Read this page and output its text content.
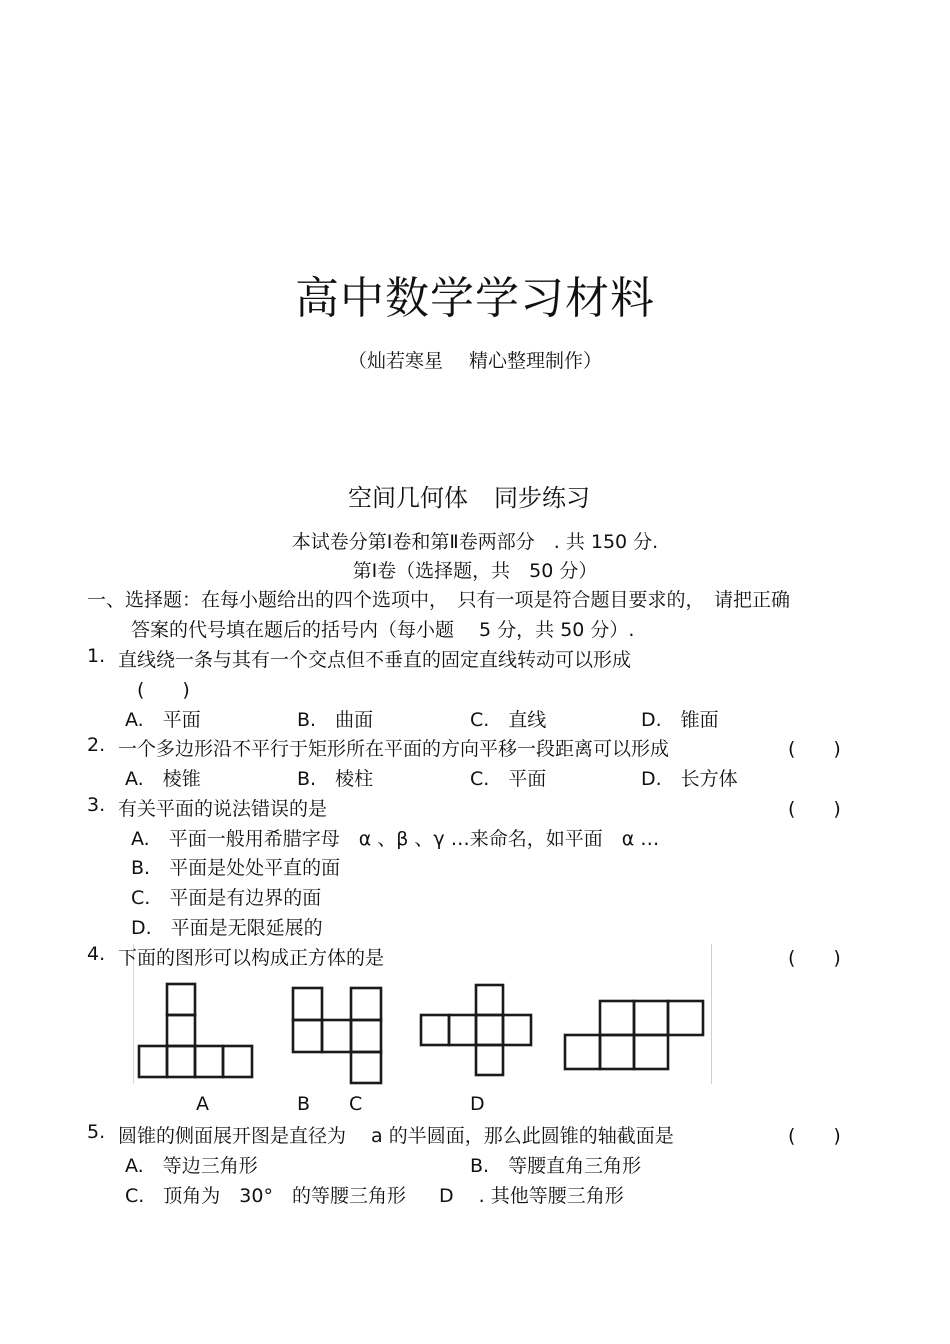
高中数学学习材料
（灿若寒星 精心整理制作）
空间几何体 同步练习
本试卷分第Ⅰ卷和第Ⅱ卷两部分　. 共 150 分.
第Ⅰ卷（选择题，共　50 分）
一、选择题：在每小题给出的四个选项中，　只有一项是符合题目要求的，　请把正确
答案的代号填在题后的括号内（每小题　 5 分，共 50 分）.
1. 直线绕一条与其有一个交点但不垂直的固定直线转动可以形成
(　　)
A.　平面	B.　曲面	C.　直线	D.　锥面
2. 一个多边形沿不平行于矩形所在平面的方向平移一段距离可以形成	(　　)
A.　棱锥	B.　棱柱	C.　平面	D.　长方体
3. 有关平面的说法错误的是	(　　)
A.　平面一般用希腊字母　α 、β 、γ …来命名，如平面　α …
B.　平面是处处平直的面
C.　平面是有边界的面
D.　平面是无限延展的
4. 下面的图形可以构成正方体的是	(　　)
A	B C	D
5. 圆锥的侧面展开图是直径为　 a 的半圆面，那么此圆锥的轴截面是	(　　)
A.　等边三角形	B.　等腰直角三角形
C.　顶角为　30°　的等腰三角形 D　 . 其他等腰三角形
